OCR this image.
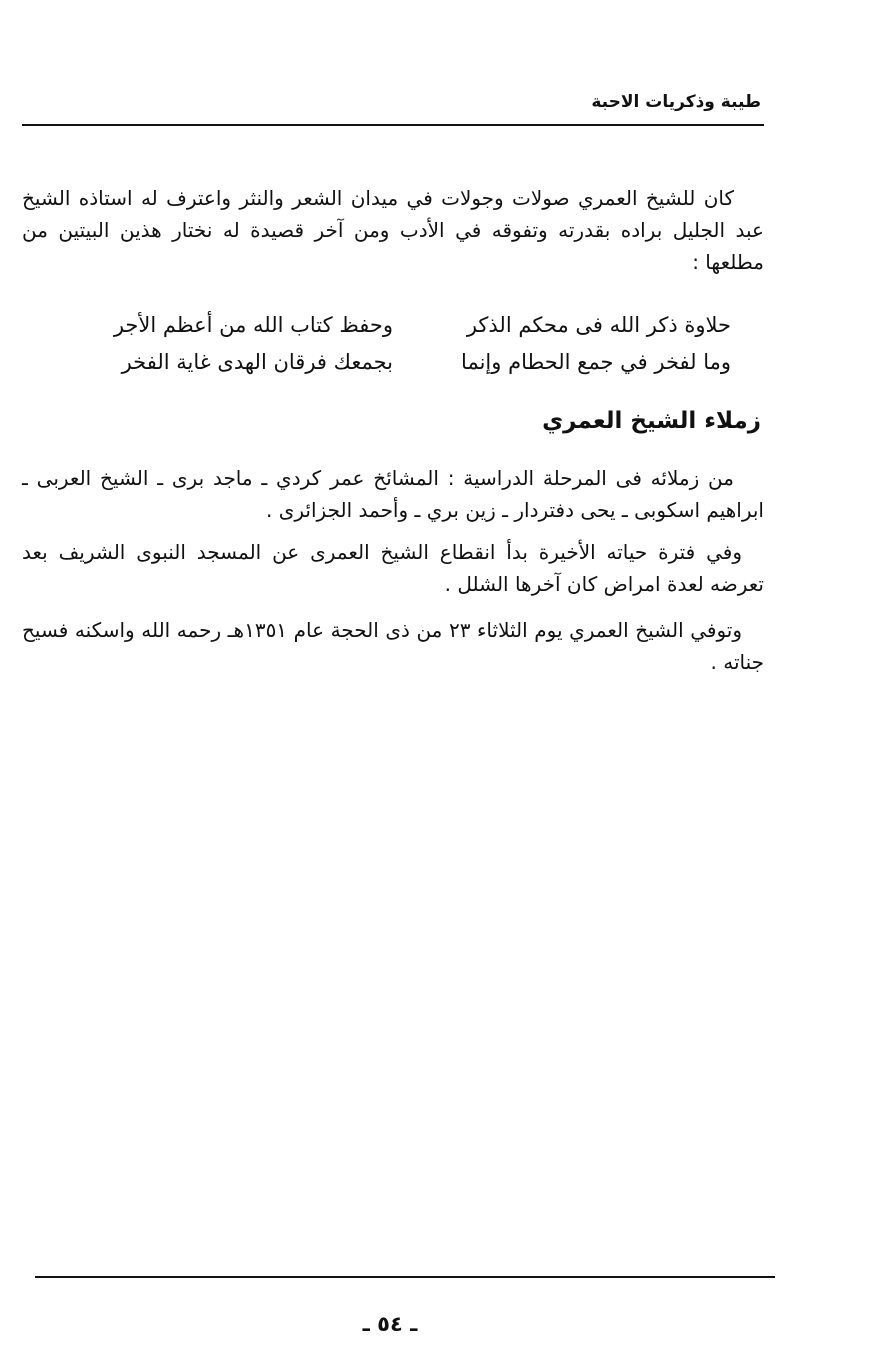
طيبة وذكريات الاحبة

كان للشيخ العمري صولات وجولات في ميدان الشعر والنثر واعترف له استاذه الشيخ عبد الجليل براده بقدرته وتفوقه في الأدب ومن آخر قصيدة له نختار هذين البيتين من مطلعها :

حلاوة ذكر الله فى محكم الذكر
وحفظ كتاب الله من أعظم الأجر
وما لفخر في جمع الحطام وإنما
بجمعك فرقان الهدى غاية الفخر
زملاء الشيخ العمري

من زملائه فى المرحلة الدراسية : المشائخ عمر كردي ـ ماجد برى ـ الشيخ العربى ـ ابراهيم اسكوبى ـ يحى دفتردار ـ زين بري ـ وأحمد الجزائرى .

وفي فترة حياته الأخيرة بدأ انقطاع الشيخ العمرى عن المسجد النبوى الشريف بعد تعرضه لعدة امراض كان آخرها الشلل .

وتوفي الشيخ العمري يوم الثلاثاء ٢٣ من ذى الحجة عام ١٣٥١هـ رحمه الله واسكنه فسيح جناته .

ـ ٥٤ ـ
